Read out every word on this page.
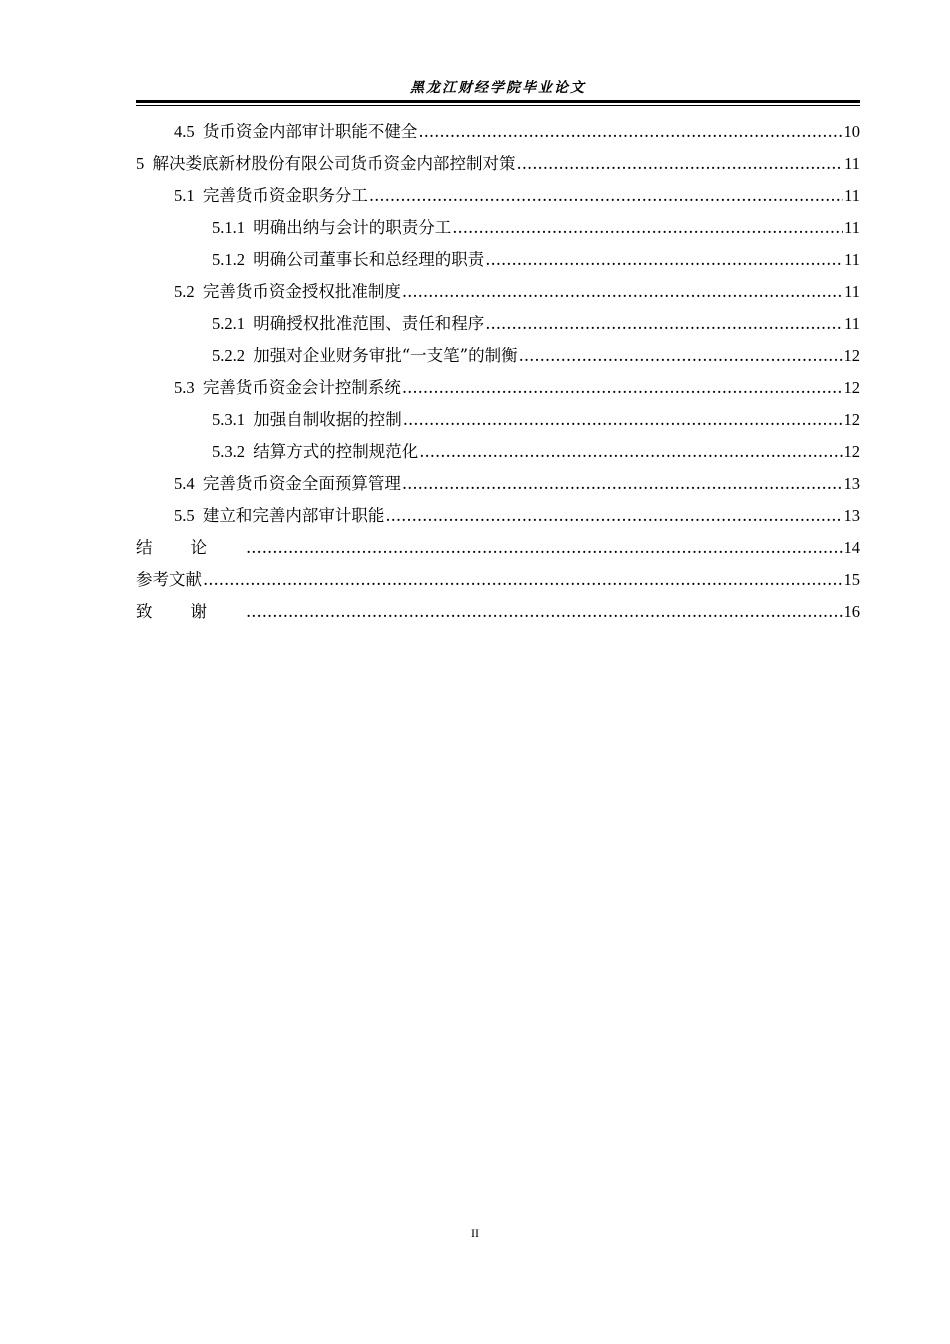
黑龙江财经学院毕业论文
4.5 货币资金内部审计职能不健全 .....	10
5 解决娄底新材股份有限公司货币资金内部控制对策 .....	11
5.1 完善货币资金职务分工 .....	11
5.1.1 明确出纳与会计的职责分工 .....	11
5.1.2 明确公司董事长和总经理的职责 .....	11
5.2 完善货币资金授权批准制度 .....	11
5.2.1 明确授权批准范围、责任和程序 .....	11
5.2.2 加强对企业财务审批“一支笔”的制衡 .....	12
5.3 完善货币资金会计控制系统 .....	12
5.3.1 加强自制收据的控制 .....	12
5.3.2 结算方式的控制规范化 .....	12
5.4 完善货币资金全面预算管理 .....	13
5.5 建立和完善内部审计职能 .....	13
结论 .....	14
参考文献 .....	15
致谢 .....	16
II
